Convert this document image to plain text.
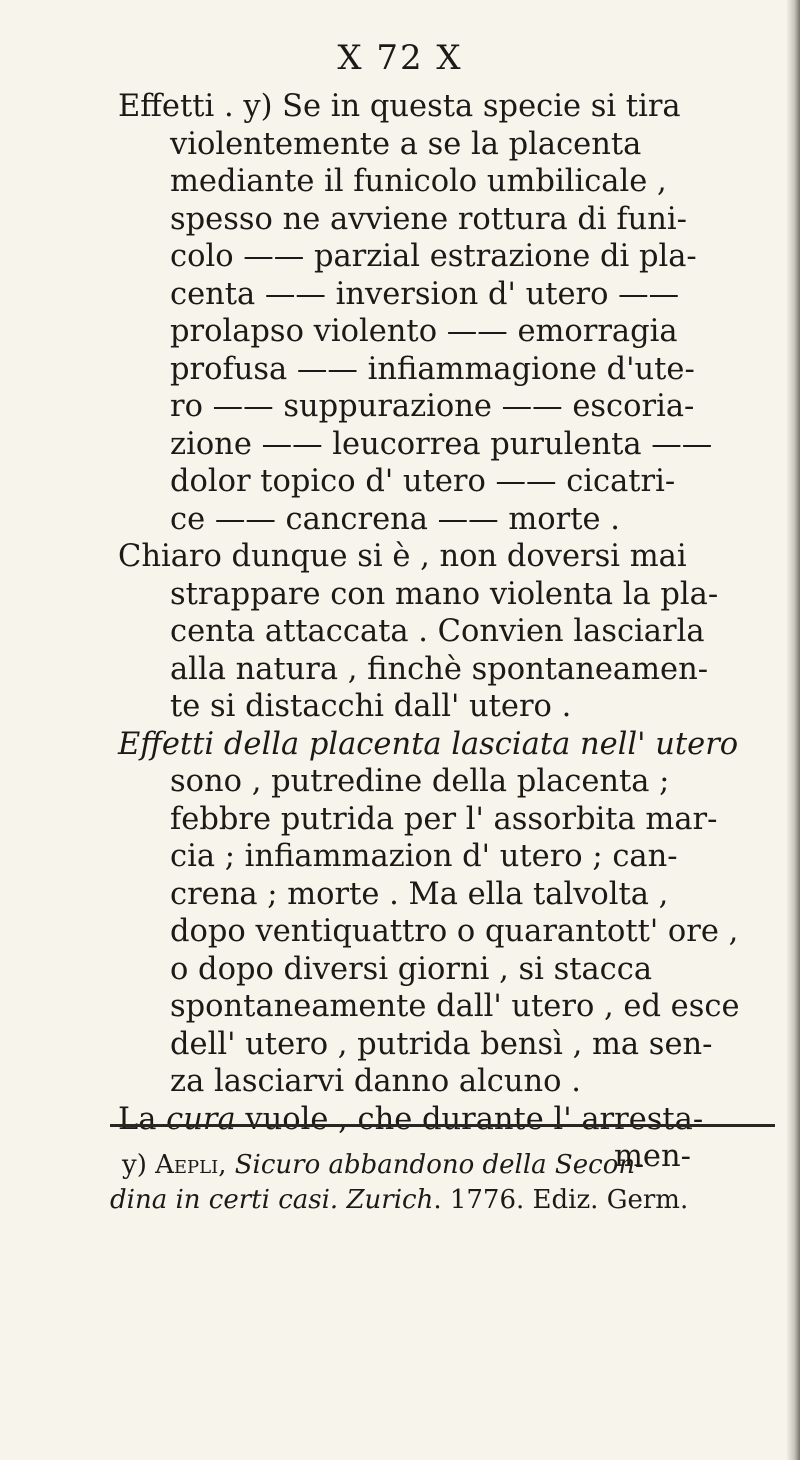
X 72 X
Effetti . y) Se in questa specie si tira
violentemente a se la placenta
mediante il funicolo umbilicale ,
spesso ne avviene rottura di funi-
colo —— parzial estrazione di pla-
centa —— inversion d' utero ——
prolapso violento —— emorragia
profusa —— infiammagione d'ute-
ro —— suppurazione —— escoria-
zione —— leucorrea purulenta ——
dolor topico d' utero —— cicatri-
ce —— cancrena —— morte .
Chiaro dunque si è , non doversi mai
strappare con mano violenta la pla-
centa attaccata . Convien lasciarla
alla natura , finchè spontaneamen-
te si distacchi dall' utero .
Effetti della placenta lasciata nell' utero
sono , putredine della placenta ;
febbre putrida per l' assorbita mar-
cia ; infiammazion d' utero ; can-
crena ; morte . Ma ella talvolta ,
dopo ventiquattro o quarantott' ore ,
o dopo diversi giorni , si stacca
spontaneamente dall' utero , ed esce
dell' utero , putrida bensì , ma sen-
za lasciarvi danno alcuno .
La cura vuole , che durante l' arresta-
men-
y) Aepli, Sicuro abbandono della Secon-
dina in certi casi. Zurich. 1776. Ediz. Germ.
